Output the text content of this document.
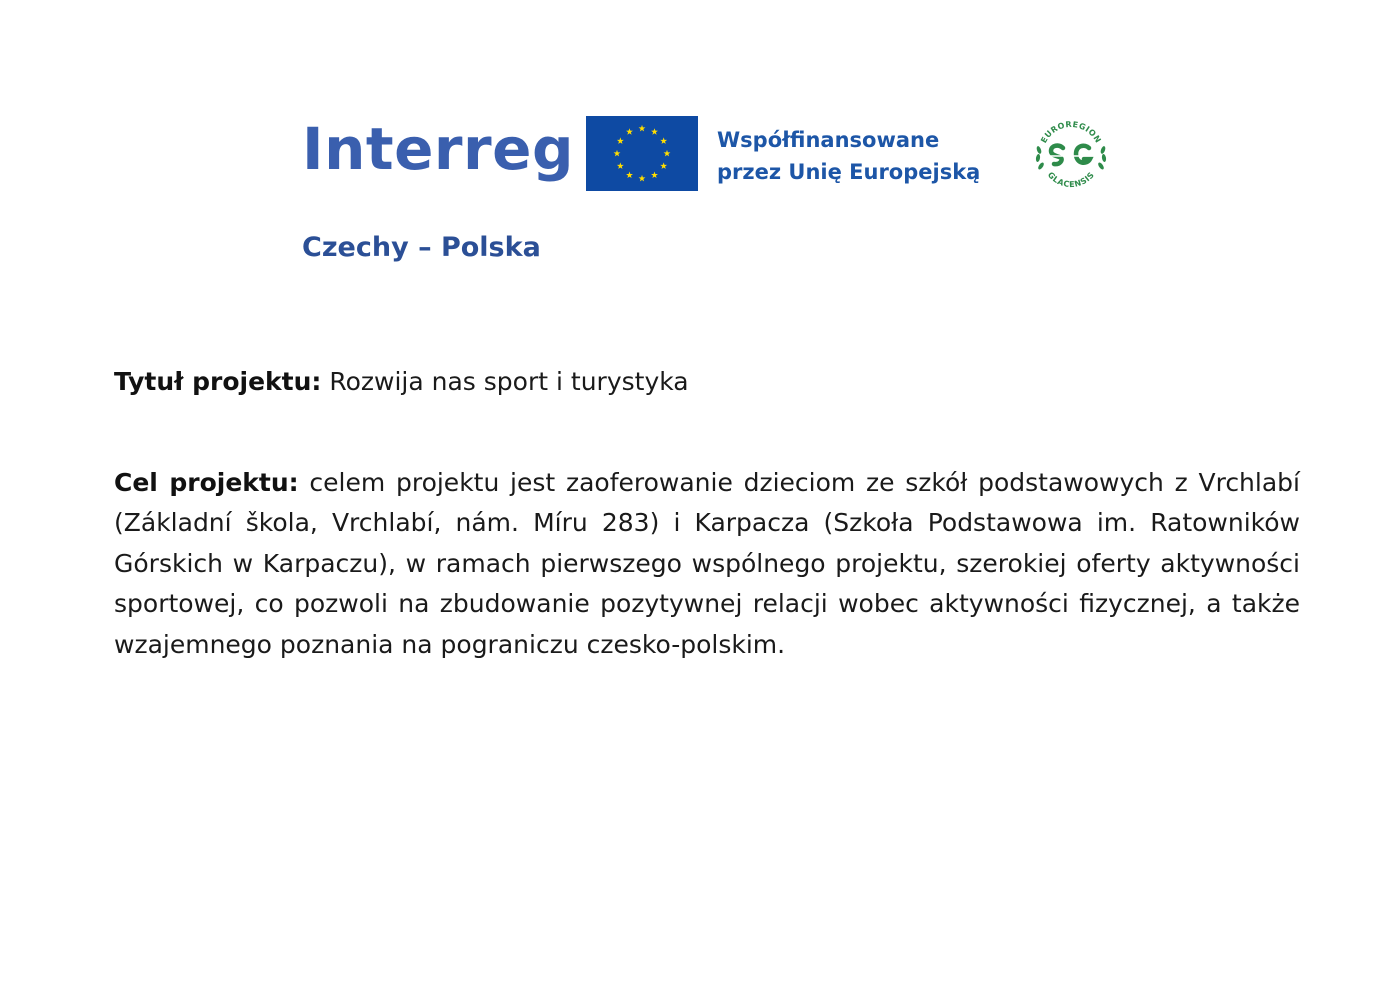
Interreg
Czechy – Polska
Współfinansowane
przez Unię Europejską
EUROREGION
GLACENSIS

Tytuł projektu: Rozwija nas sport i turystyka

Cel projektu: celem projektu jest zaoferowanie dzieciom ze szkół podstawowych z Vrchlabí (Základní škola, Vrchlabí, nám. Míru 283) i Karpacza (Szkoła Podstawowa im. Ratowników Górskich w Karpaczu), w ramach pierwszego wspólnego projektu, szerokiej oferty aktywności sportowej, co pozwoli na zbudowanie pozytywnej relacji wobec aktywności fizycznej, a także wzajemnego poznania na pograniczu czesko-polskim.
